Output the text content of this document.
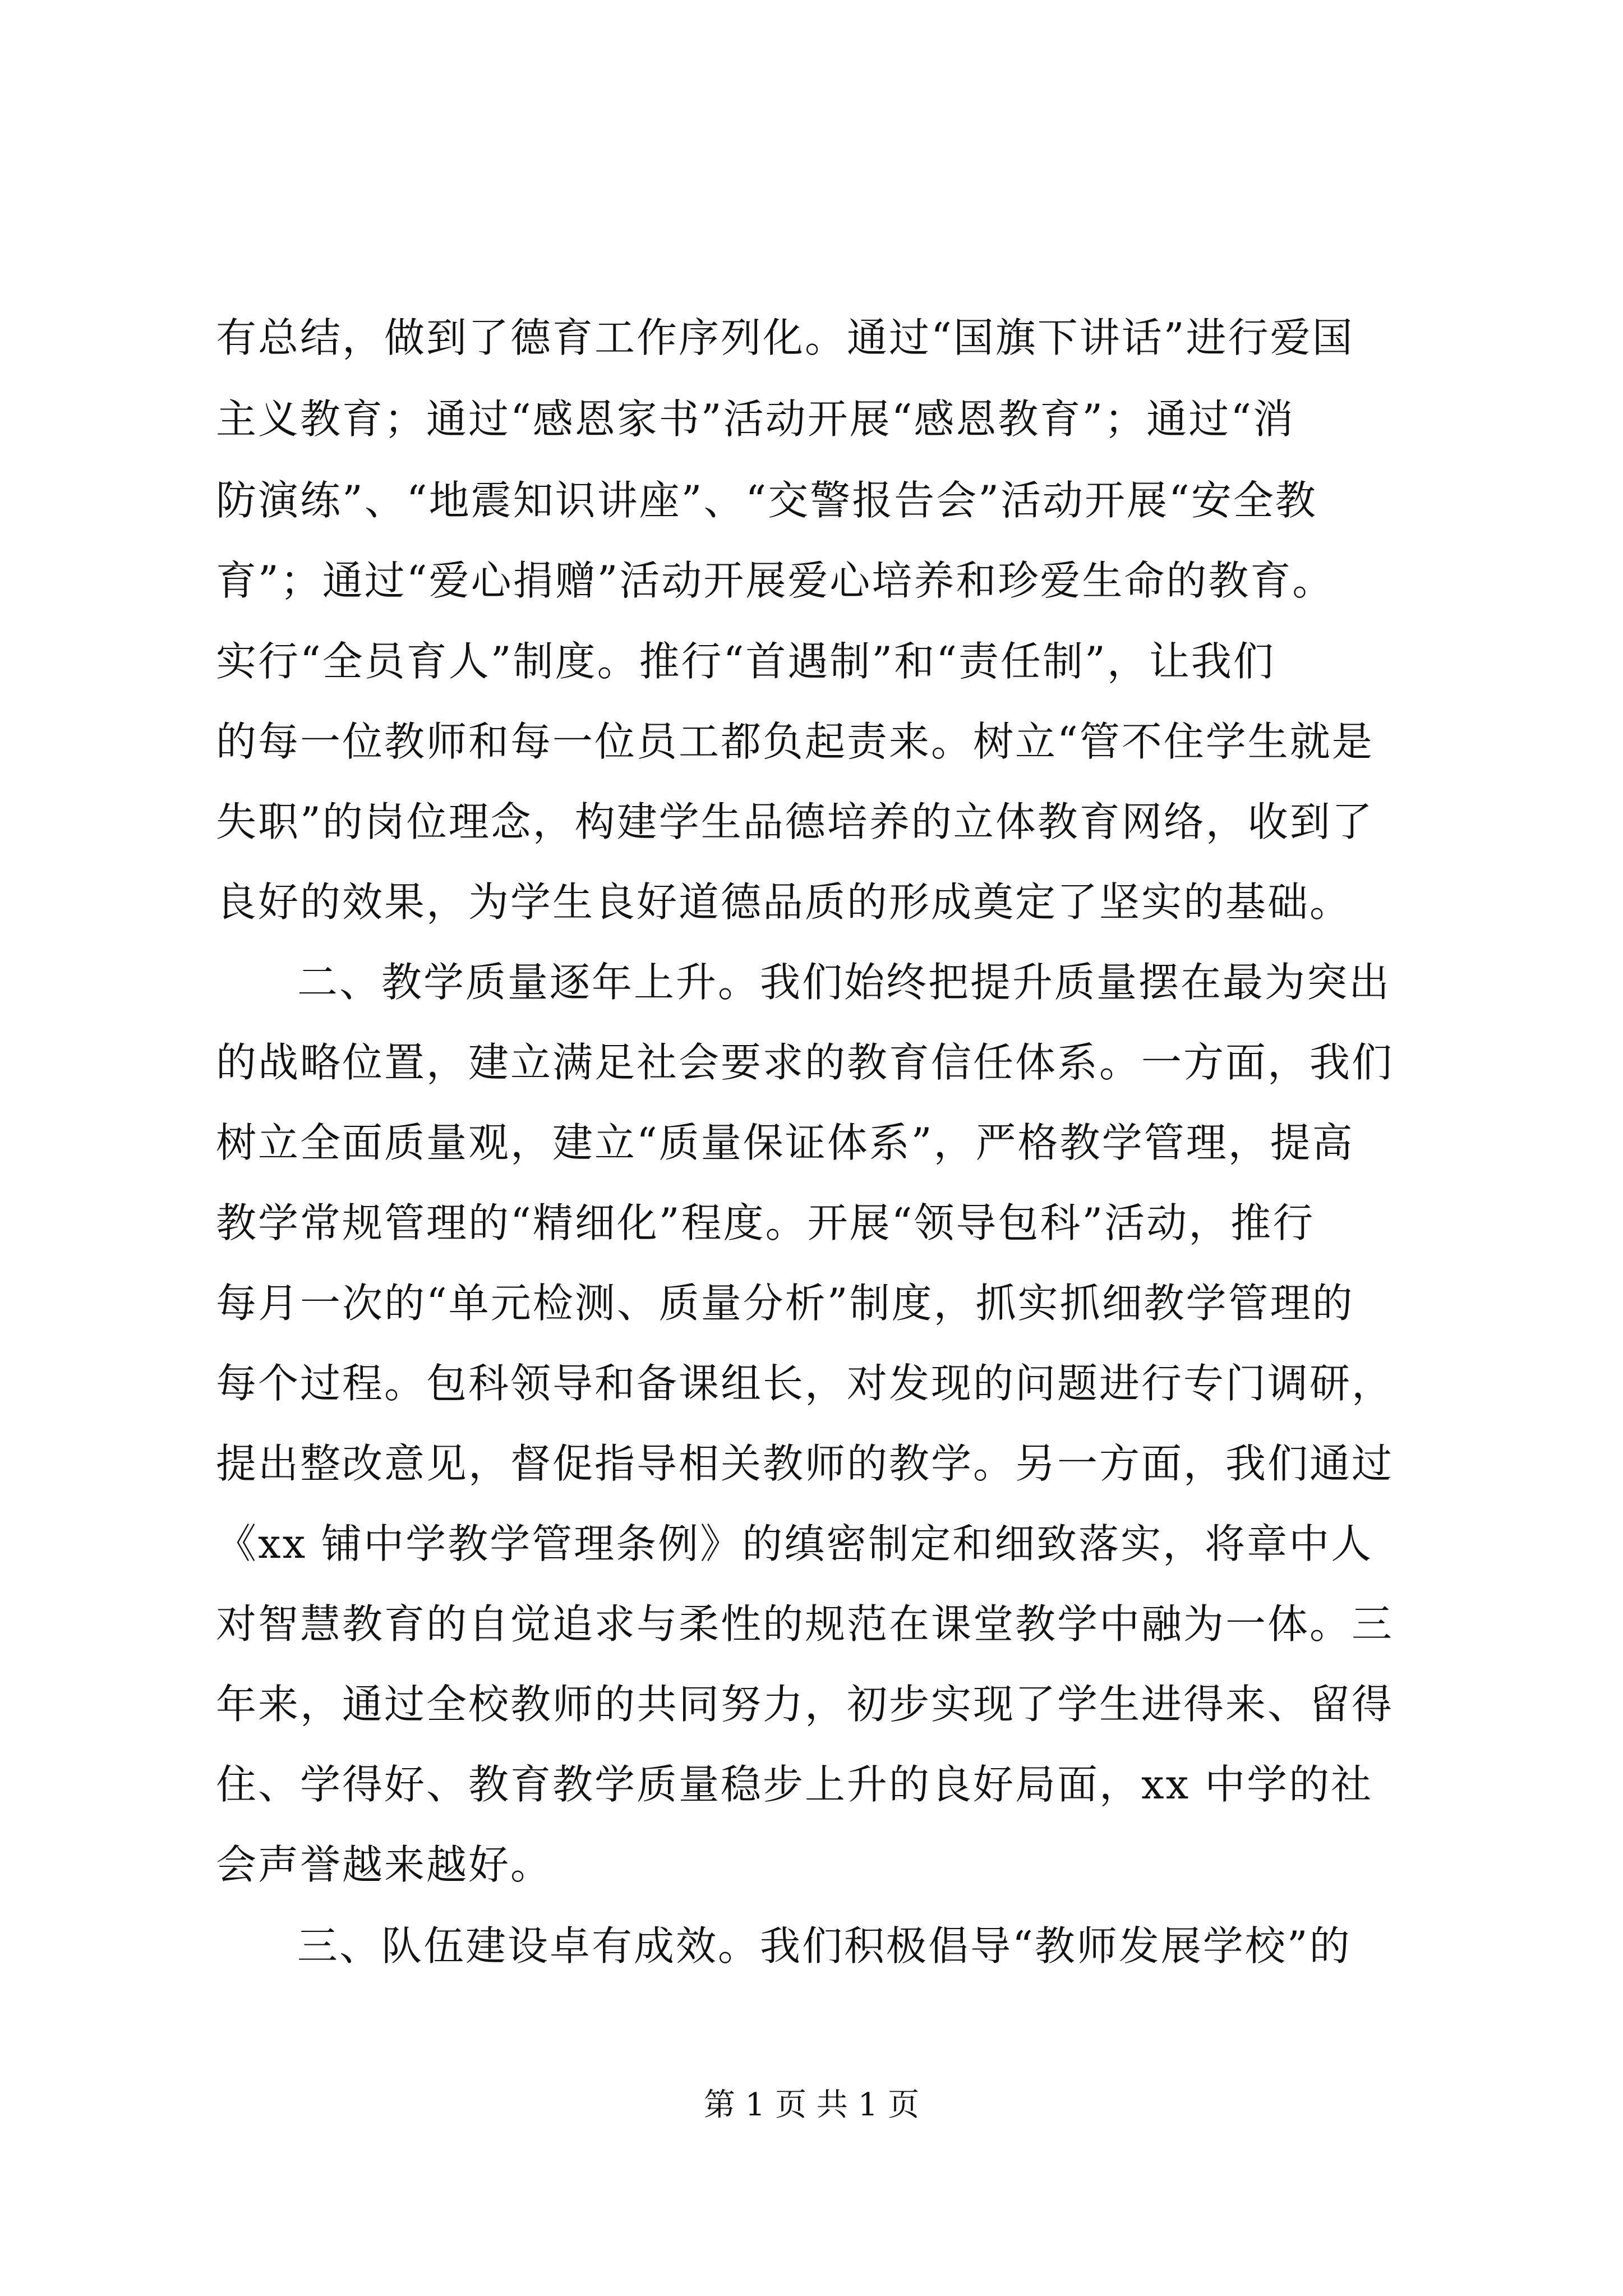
有总结，做到了德育工作序列化。通过“国旗下讲话”进行爱国
主义教育；通过“感恩家书”活动开展“感恩教育”；通过“消
防演练”、“地震知识讲座”、“交警报告会”活动开展“安全教
育”；通过“爱心捐赠”活动开展爱心培养和珍爱生命的教育。
实行“全员育人”制度。推行“首遇制”和“责任制”，让我们
的每一位教师和每一位员工都负起责来。树立“管不住学生就是
失职”的岗位理念，构建学生品德培养的立体教育网络，收到了
良好的效果，为学生良好道德品质的形成奠定了坚实的基础。
二、教学质量逐年上升。我们始终把提升质量摆在最为突出
的战略位置，建立满足社会要求的教育信任体系。一方面，我们
树立全面质量观，建立“质量保证体系”，严格教学管理，提高
教学常规管理的“精细化”程度。开展“领导包科”活动，推行
每月一次的“单元检测、质量分析”制度，抓实抓细教学管理的
每个过程。包科领导和备课组长，对发现的问题进行专门调研，
提出整改意见，督促指导相关教师的教学。另一方面，我们通过
《xx 铺中学教学管理条例》的缜密制定和细致落实，将章中人
对智慧教育的自觉追求与柔性的规范在课堂教学中融为一体。三
年来，通过全校教师的共同努力，初步实现了学生进得来、留得
住、学得好、教育教学质量稳步上升的良好局面，xx 中学的社
会声誉越来越好。
三、队伍建设卓有成效。我们积极倡导“教师发展学校”的
第 1 页 共 1 页
